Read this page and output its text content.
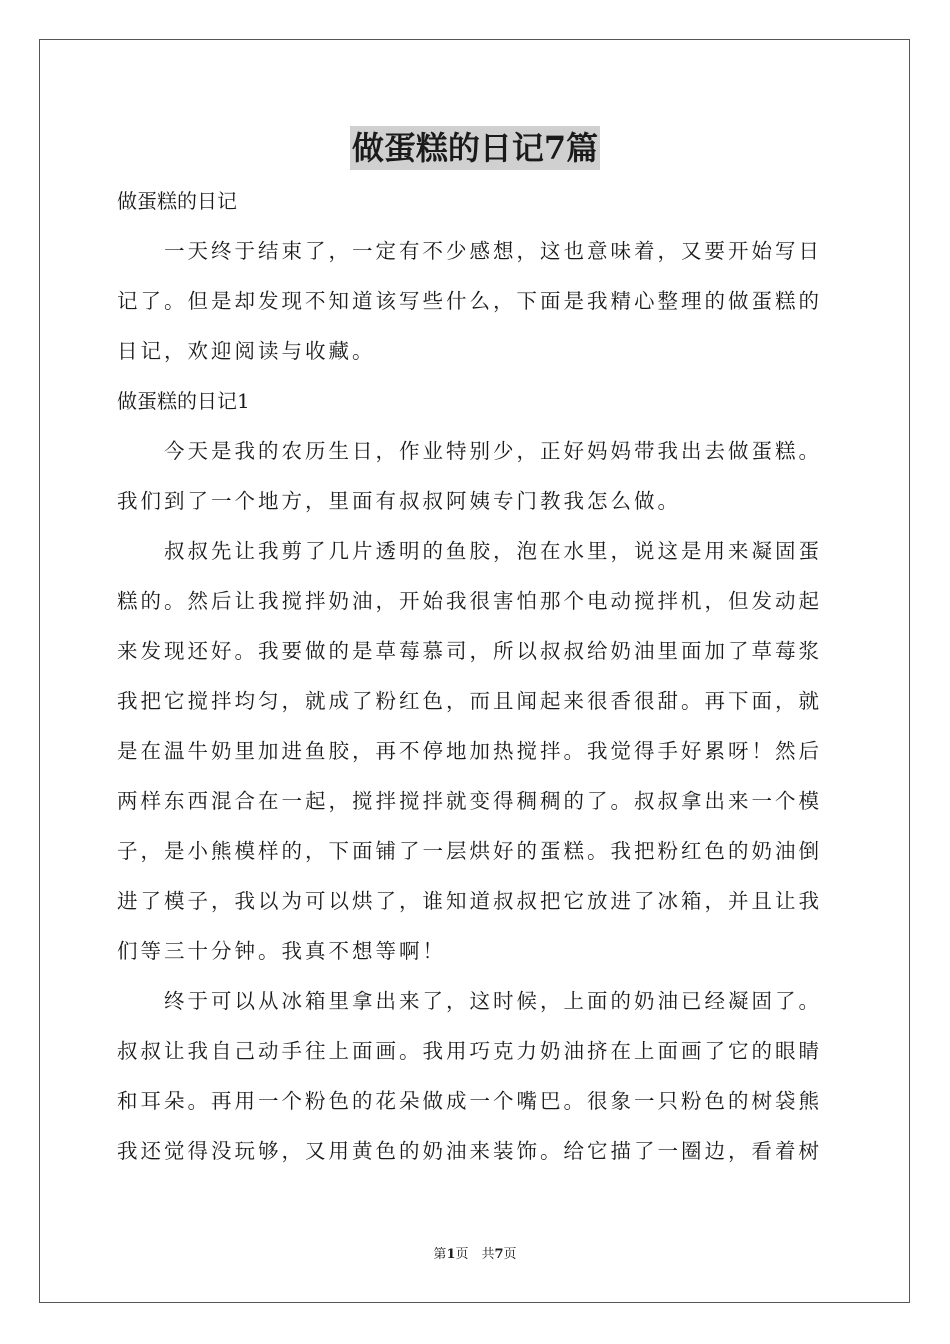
做蛋糕的日记7篇
做蛋糕的日记
一天终于结束了，一定有不少感想，这也意味着，又要开始写日
记了。但是却发现不知道该写些什么，下面是我精心整理的做蛋糕的
日记，欢迎阅读与收藏。
做蛋糕的日记1
今天是我的农历生日，作业特别少，正好妈妈带我出去做蛋糕。
我们到了一个地方，里面有叔叔阿姨专门教我怎么做。
叔叔先让我剪了几片透明的鱼胶，泡在水里，说这是用来凝固蛋
糕的。然后让我搅拌奶油，开始我很害怕那个电动搅拌机，但发动起
来发现还好。我要做的是草莓慕司，所以叔叔给奶油里面加了草莓浆
我把它搅拌均匀，就成了粉红色，而且闻起来很香很甜。再下面，就
是在温牛奶里加进鱼胶，再不停地加热搅拌。我觉得手好累呀！然后
两样东西混合在一起，搅拌搅拌就变得稠稠的了。叔叔拿出来一个模
子，是小熊模样的，下面铺了一层烘好的蛋糕。我把粉红色的奶油倒
进了模子，我以为可以烘了，谁知道叔叔把它放进了冰箱，并且让我
们等三十分钟。我真不想等啊！
终于可以从冰箱里拿出来了，这时候，上面的奶油已经凝固了。
叔叔让我自己动手往上面画。我用巧克力奶油挤在上面画了它的眼睛
和耳朵。再用一个粉色的花朵做成一个嘴巴。很象一只粉色的树袋熊
我还觉得没玩够，又用黄色的奶油来装饰。给它描了一圈边，看着树
第1页　共7页
